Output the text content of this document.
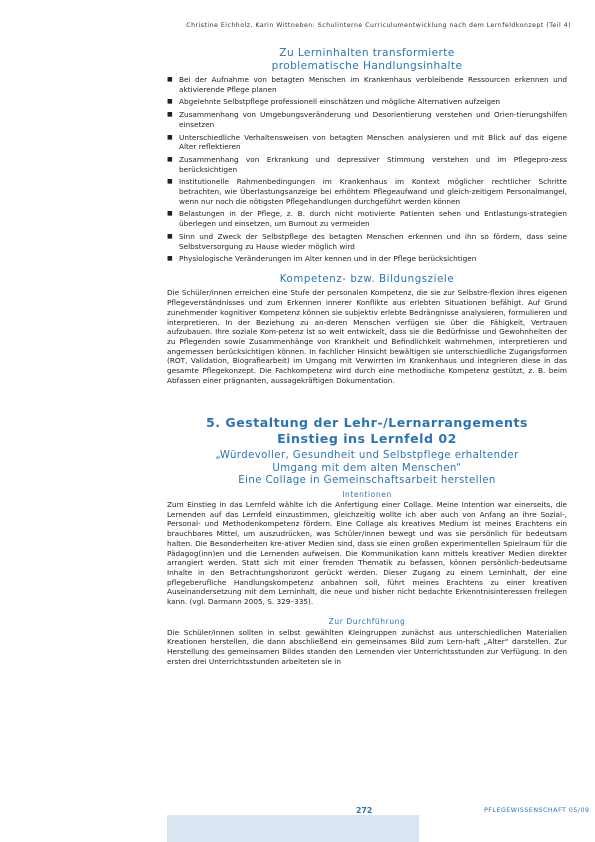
Christine Eichholz, Karin Wittneben: Schulinterne Curriculumentwicklung nach dem Lernfeldkonzept (Teil 4)
Zu Lerninhalten transformierte
problematische Handlungsinhalte
■ Bei der Aufnahme von betagten Menschen im Krankenhaus verbleibende Ressourcen erkennen und aktivierende Pflege planen
■ Abgelehnte Selbstpflege professionell einschätzen und mögliche Alternativen aufzeigen
■ Zusammenhang von Umgebungsveränderung und Desorientierung verstehen und Orien-tierungshilfen einsetzen
■ Unterschiedliche Verhaltensweisen von betagten Menschen analysieren und mit Blick auf das eigene Alter reflektieren
■ Zusammenhang von Erkrankung und depressiver Stimmung verstehen und im Pflegepro-zess berücksichtigen
■ Institutionelle Rahmenbedingungen im Krankenhaus im Kontext möglicher rechtlicher Schritte betrachten, wie Überlastungsanzeige bei erhöhtem Pflegeaufwand und gleich-zeitigem Personalmangel, wenn nur noch die nötigsten Pflegehandlungen durchgeführt werden können
■ Belastungen in der Pflege, z. B. durch nicht motivierte Patienten sehen und Entlastungs-strategien überlegen und einsetzen, um Burnout zu vermeiden
■ Sinn und Zweck der Selbstpflege des betagten Menschen erkennen und ihn so fördern, dass seine Selbstversorgung zu Hause wieder möglich wird
■ Physiologische Veränderungen im Alter kennen und in der Pflege berücksichtigen
Kompetenz- bzw. Bildungsziele

Die Schüler/innen erreichen eine Stufe der personalen Kompetenz, die sie zur Selbstre-flexion ihres eigenen Pflegeverständnisses und zum Erkennen innerer Konflikte aus erlebten Situationen befähigt. Auf Grund zunehmender kognitiver Kompetenz können sie subjektiv erlebte Bedrängnisse analysieren, formulieren und interpretieren. In der Beziehung zu an-deren Menschen verfügen sie über die Fähigkeit, Vertrauen aufzubauen. Ihre soziale Kom-petenz ist so weit entwickelt, dass sie die Bedürfnisse und Gewohnheiten der zu Pflegenden sowie Zusammenhänge von Krankheit und Befindlichkeit wahrnehmen, interpretieren und angemessen berücksichtigen können. In fachlicher Hinsicht bewältigen sie unterschiedliche Zugangsformen (ROT, Validation, Biografiearbeit) im Umgang mit Verwirrten im Krankenhaus und integrieren diese in das gesamte Pflegekonzept. Die Fachkompetenz wird durch eine methodische Kompetenz gestützt, z. B. beim Abfassen einer prägnanten, aussagekräftigen Dokumentation.

5. Gestaltung der Lehr-/Lernarrangements
Einstieg ins Lernfeld 02
„Würdevoller, Gesundheit und Selbstpflege erhaltender
Umgang mit dem alten Menschen“
Eine Collage in Gemeinschaftsarbeit herstellen
Intentionen

Zum Einstieg in das Lernfeld wählte ich die Anfertigung einer Collage. Meine Intention war einerseits, die Lernenden auf das Lernfeld einzustimmen, gleichzeitig wollte ich aber auch von Anfang an ihre Sozial-, Personal- und Methodenkompetenz fördern. Eine Collage als kreatives Medium ist meines Erachtens ein brauchbares Mittel, um auszudrücken, was Schüler/innen bewegt und was sie persönlich für bedeutsam halten. Die Besonderheiten kre-ativer Medien sind, dass sie einen großen experimentellen Spielraum für die Pädagog(inn)en und die Lernenden aufweisen. Die Kommunikation kann mittels kreativer Medien direkter arrangiert werden. Statt sich mit einer fremden Thematik zu befassen, können persönlich-bedeutsame Inhalte in den Betrachtungshorizont gerückt werden. Dieser Zugang zu einem Lerninhalt, der eine pflegeberufliche Handlungskompetenz anbahnen soll, führt meines Erachtens zu einer kreativen Auseinandersetzung mit dem Lerninhalt, die neue und bisher nicht bedachte Erkenntnisinteressen freilegen kann. (vgl. Darmann 2005, S. 329–335).

Zur Durchführung

Die Schüler/innen sollten in selbst gewählten Kleingruppen zunächst aus unterschiedlichen Materialien Kreationen herstellen, die dann abschließend ein gemeinsames Bild zum Lern-haft „Alter“ darstellen. Zur Herstellung des gemeinsamen Bildes standen den Lernenden vier Unterrichtsstunden zur Verfügung. In den ersten drei Unterrichtsstunden arbeiteten sie in

272	PFLEGEWISSENSCHAFT 05/09
